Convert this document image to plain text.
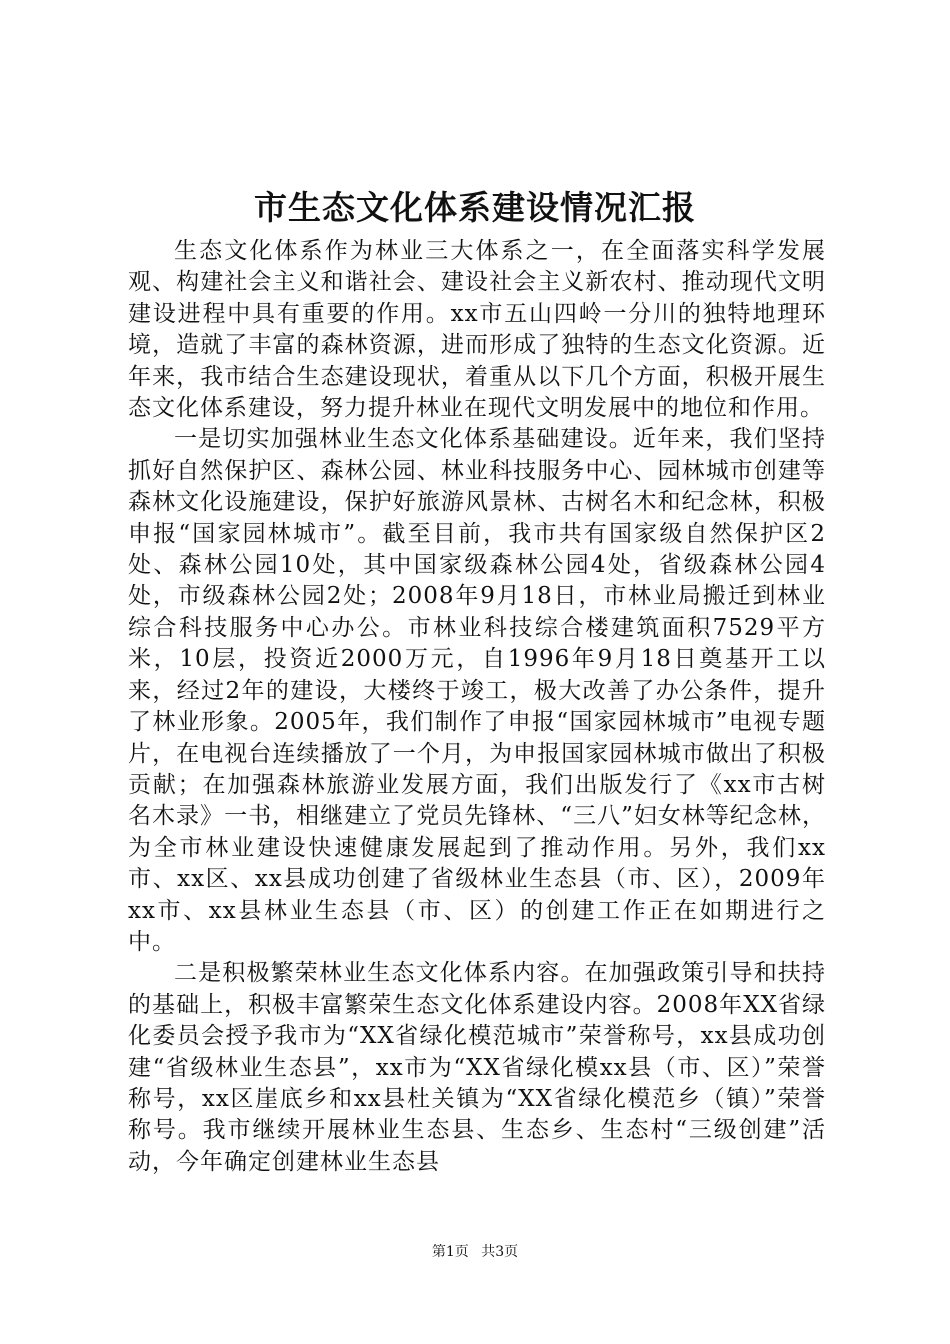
市生态文化体系建设情况汇报

生态文化体系作为林业三大体系之一，在全面落实科学发展观、构建社会主义和谐社会、建设社会主义新农村、推动现代文明建设进程中具有重要的作用。xx市五山四岭一分川的独特地理环境，造就了丰富的森林资源，进而形成了独特的生态文化资源。近年来，我市结合生态建设现状，着重从以下几个方面，积极开展生态文化体系建设，努力提升林业在现代文明发展中的地位和作用。

一是切实加强林业生态文化体系基础建设。近年来，我们坚持抓好自然保护区、森林公园、林业科技服务中心、园林城市创建等森林文化设施建设，保护好旅游风景林、古树名木和纪念林，积极申报“国家园林城市”。截至目前，我市共有国家级自然保护区2处、森林公园10处，其中国家级森林公园4处，省级森林公园4处，市级森林公园2处；2008年9月18日，市林业局搬迁到林业综合科技服务中心办公。市林业科技综合楼建筑面积7529平方米，10层，投资近2000万元，自1996年9月18日奠基开工以来，经过2年的建设，大楼终于竣工，极大改善了办公条件，提升了林业形象。2005年，我们制作了申报“国家园林城市”电视专题片，在电视台连续播放了一个月，为申报国家园林城市做出了积极贡献；在加强森林旅游业发展方面，我们出版发行了《xx市古树名木录》一书，相继建立了党员先锋林、“三八”妇女林等纪念林，为全市林业建设快速健康发展起到了推动作用。另外，我们xx市、xx区、xx县成功创建了省级林业生态县（市、区），2009年xx市、xx县林业生态县（市、区）的创建工作正在如期进行之中。

二是积极繁荣林业生态文化体系内容。在加强政策引导和扶持的基础上，积极丰富繁荣生态文化体系建设内容。2008年XX省绿化委员会授予我市为“XX省绿化模范城市”荣誉称号，xx县成功创建“省级林业生态县”，xx市为“XX省绿化模xx县（市、区）”荣誉称号，xx区崖底乡和xx县杜关镇为“XX省绿化模范乡（镇）”荣誉称号。我市继续开展林业生态县、生态乡、生态村“三级创建”活动，今年确定创建林业生态县

第1页 共3页
